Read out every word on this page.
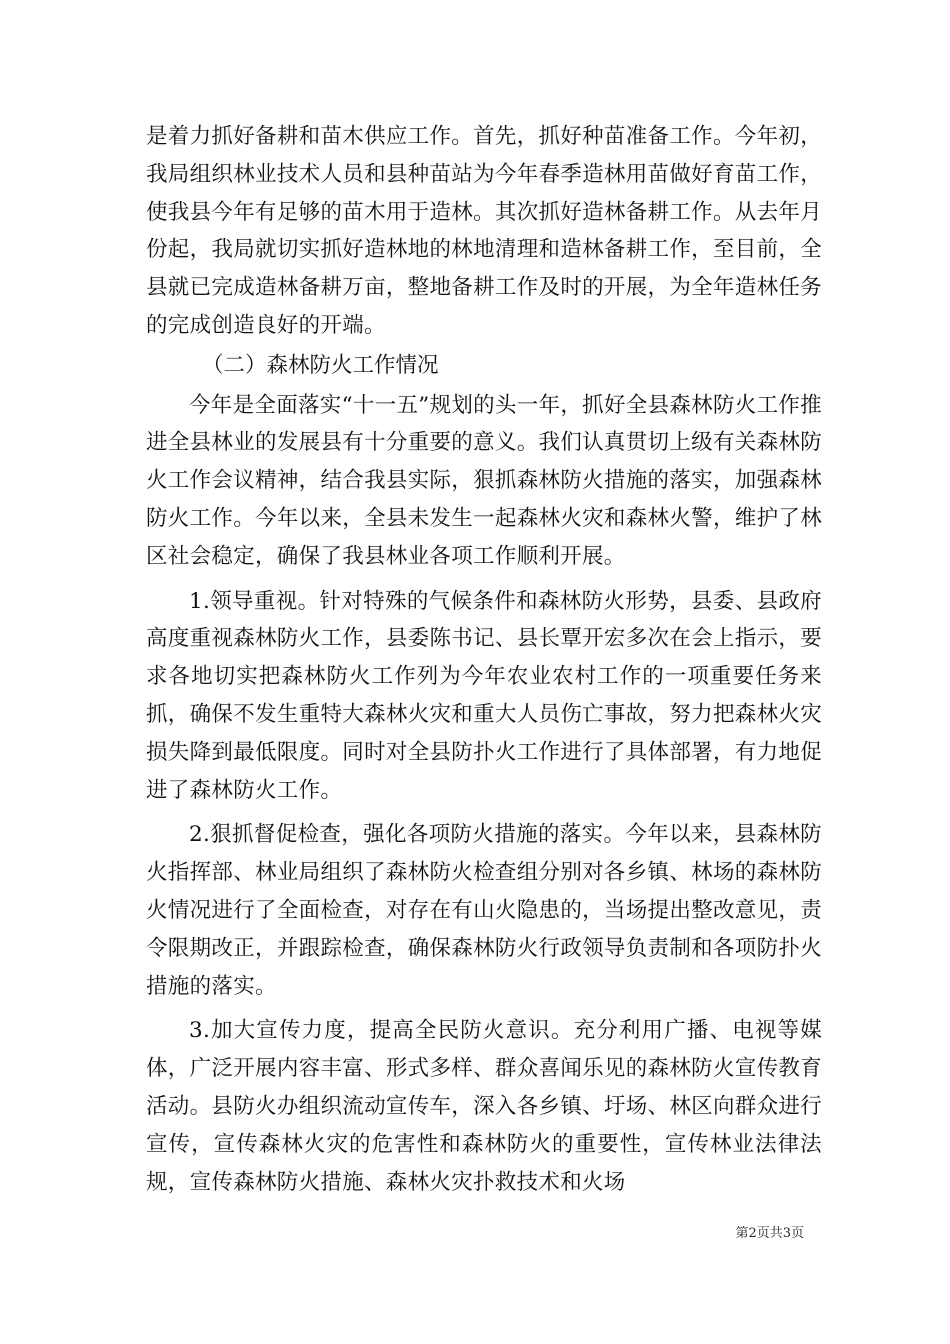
是着力抓好备耕和苗木供应工作。首先，抓好种苗准备工作。今年初，我局组织林业技术人员和县种苗站为今年春季造林用苗做好育苗工作，使我县今年有足够的苗木用于造林。其次抓好造林备耕工作。从去年月份起，我局就切实抓好造林地的林地清理和造林备耕工作，至目前，全县就已完成造林备耕万亩，整地备耕工作及时的开展，为全年造林任务的完成创造良好的开端。

（二）森林防火工作情况

今年是全面落实“十一五”规划的头一年，抓好全县森林防火工作推进全县林业的发展县有十分重要的意义。我们认真贯切上级有关森林防火工作会议精神，结合我县实际，狠抓森林防火措施的落实，加强森林防火工作。今年以来，全县未发生一起森林火灾和森林火警，维护了林区社会稳定，确保了我县林业各项工作顺利开展。

1.领导重视。针对特殊的气候条件和森林防火形势，县委、县政府高度重视森林防火工作，县委陈书记、县长覃开宏多次在会上指示，要求各地切实把森林防火工作列为今年农业农村工作的一项重要任务来抓，确保不发生重特大森林火灾和重大人员伤亡事故，努力把森林火灾损失降到最低限度。同时对全县防扑火工作进行了具体部署，有力地促进了森林防火工作。

2.狠抓督促检查，强化各项防火措施的落实。今年以来，县森林防火指挥部、林业局组织了森林防火检查组分别对各乡镇、林场的森林防火情况进行了全面检查，对存在有山火隐患的，当场提出整改意见，责令限期改正，并跟踪检查，确保森林防火行政领导负责制和各项防扑火措施的落实。

3.加大宣传力度，提高全民防火意识。充分利用广播、电视等媒体，广泛开展内容丰富、形式多样、群众喜闻乐见的森林防火宣传教育活动。县防火办组织流动宣传车，深入各乡镇、圩场、林区向群众进行宣传，宣传森林火灾的危害性和森林防火的重要性，宣传林业法律法规，宣传森林防火措施、森林火灾扑救技术和火场

第2页共3页
